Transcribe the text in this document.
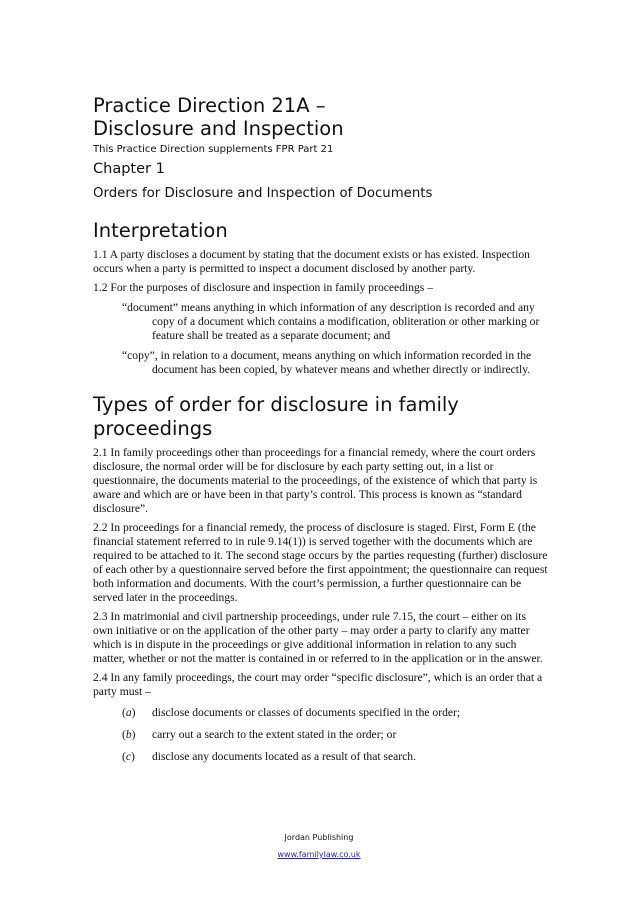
Practice Direction 21A –
Disclosure and Inspection
This Practice Direction supplements FPR Part 21
Chapter 1
Orders for Disclosure and Inspection of Documents
Interpretation

1.1 A party discloses a document by stating that the document exists or has existed. Inspection occurs when a party is permitted to inspect a document disclosed by another party.

1.2 For the purposes of disclosure and inspection in family proceedings –

“document” means anything in which information of any description is recorded and any copy of a document which contains a modification, obliteration or other marking or feature shall be treated as a separate document; and
“copy”, in relation to a document, means anything on which information recorded in the document has been copied, by whatever means and whether directly or indirectly.
Types of order for disclosure in family proceedings

2.1 In family proceedings other than proceedings for a financial remedy, where the court orders disclosure, the normal order will be for disclosure by each party setting out, in a list or questionnaire, the documents material to the proceedings, of the existence of which that party is aware and which are or have been in that party’s control. This process is known as “standard disclosure”.

2.2 In proceedings for a financial remedy, the process of disclosure is staged. First, Form E (the financial statement referred to in rule 9.14(1)) is served together with the documents which are required to be attached to it. The second stage occurs by the parties requesting (further) disclosure of each other by a questionnaire served before the first appointment; the questionnaire can request both information and documents. With the court’s permission, a further questionnaire can be served later in the proceedings.

2.3 In matrimonial and civil partnership proceedings, under rule 7.15, the court – either on its own initiative or on the application of the other party – may order a party to clarify any matter which is in dispute in the proceedings or give additional information in relation to any such matter, whether or not the matter is contained in or referred to in the application or in the answer.

2.4 In any family proceedings, the court may order “specific disclosure”, which is an order that a party must –

(a)	disclose documents or classes of documents specified in the order;
(b)	carry out a search to the extent stated in the order; or
(c)	disclose any documents located as a result of that search.
Jordan Publishing
www.familylaw.co.uk
